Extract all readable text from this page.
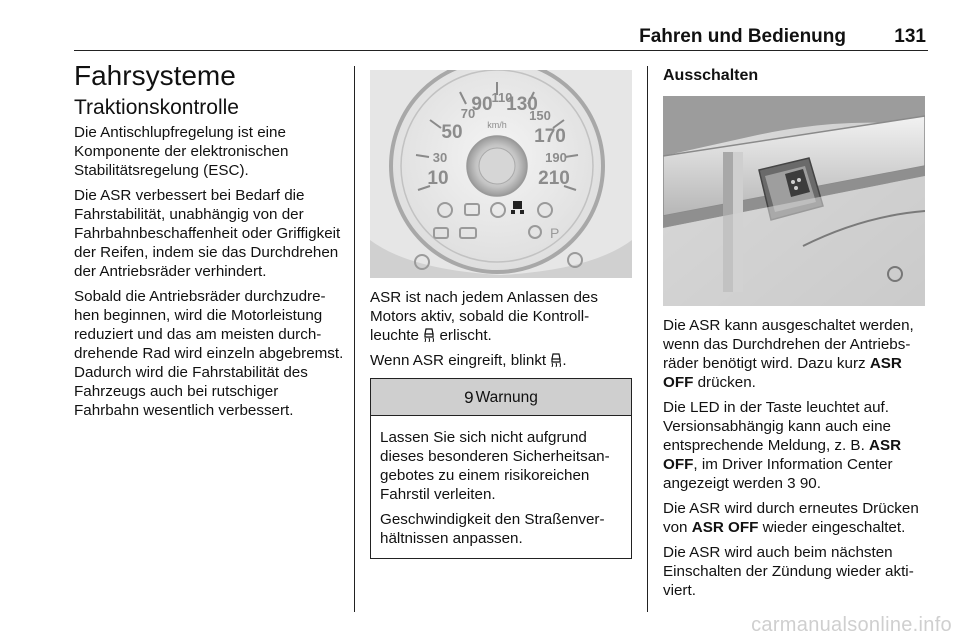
Fahren und Bedienung	131
Fahrsysteme
Traktionskontrolle

Die Antischlupfregelung ist eine Komponente der elektronischen Stabilitätsregelung (ESC).

Die ASR verbessert bei Bedarf die Fahrstabilität, unabhängig von der Fahrbahnbeschaffenheit oder Griffigkeit der Reifen, indem sie das Durchdrehen der Antriebsräder verhindert.

Sobald die Antriebsräder durchzudrehen beginnen, wird die Motorleistung reduziert und das am meisten durchdrehende Rad wird einzeln abgebremst. Dadurch wird die Fahrstabilität des Fahrzeugs auch bei rutschiger Fahrbahn wesentlich verbessert.

10
30
50
70
90
110
130
150
170
190
210
km/h
P

ASR ist nach jedem Anlassen des Motors aktiv, sobald die Kontrollleuchte erlischt.

Wenn ASR eingreift, blinkt .

9 Warnung

Lassen Sie sich nicht aufgrund dieses besonderen Sicherheitsangebotes zu einem risikoreichen Fahrstil verleiten.

Geschwindigkeit den Straßenverhältnissen anpassen.

Ausschalten

Die ASR kann ausgeschaltet werden, wenn das Durchdrehen der Antriebsräder benötigt wird. Dazu kurz ASR OFF drücken.

Die LED in der Taste leuchtet auf. Versionsabhängig kann auch eine entsprechende Meldung, z. B. ASR OFF, im Driver Information Center angezeigt werden 3 90.

Die ASR wird durch erneutes Drücken von ASR OFF wieder eingeschaltet.

Die ASR wird auch beim nächsten Einschalten der Zündung wieder aktiviert.

carmanualsonline.info
